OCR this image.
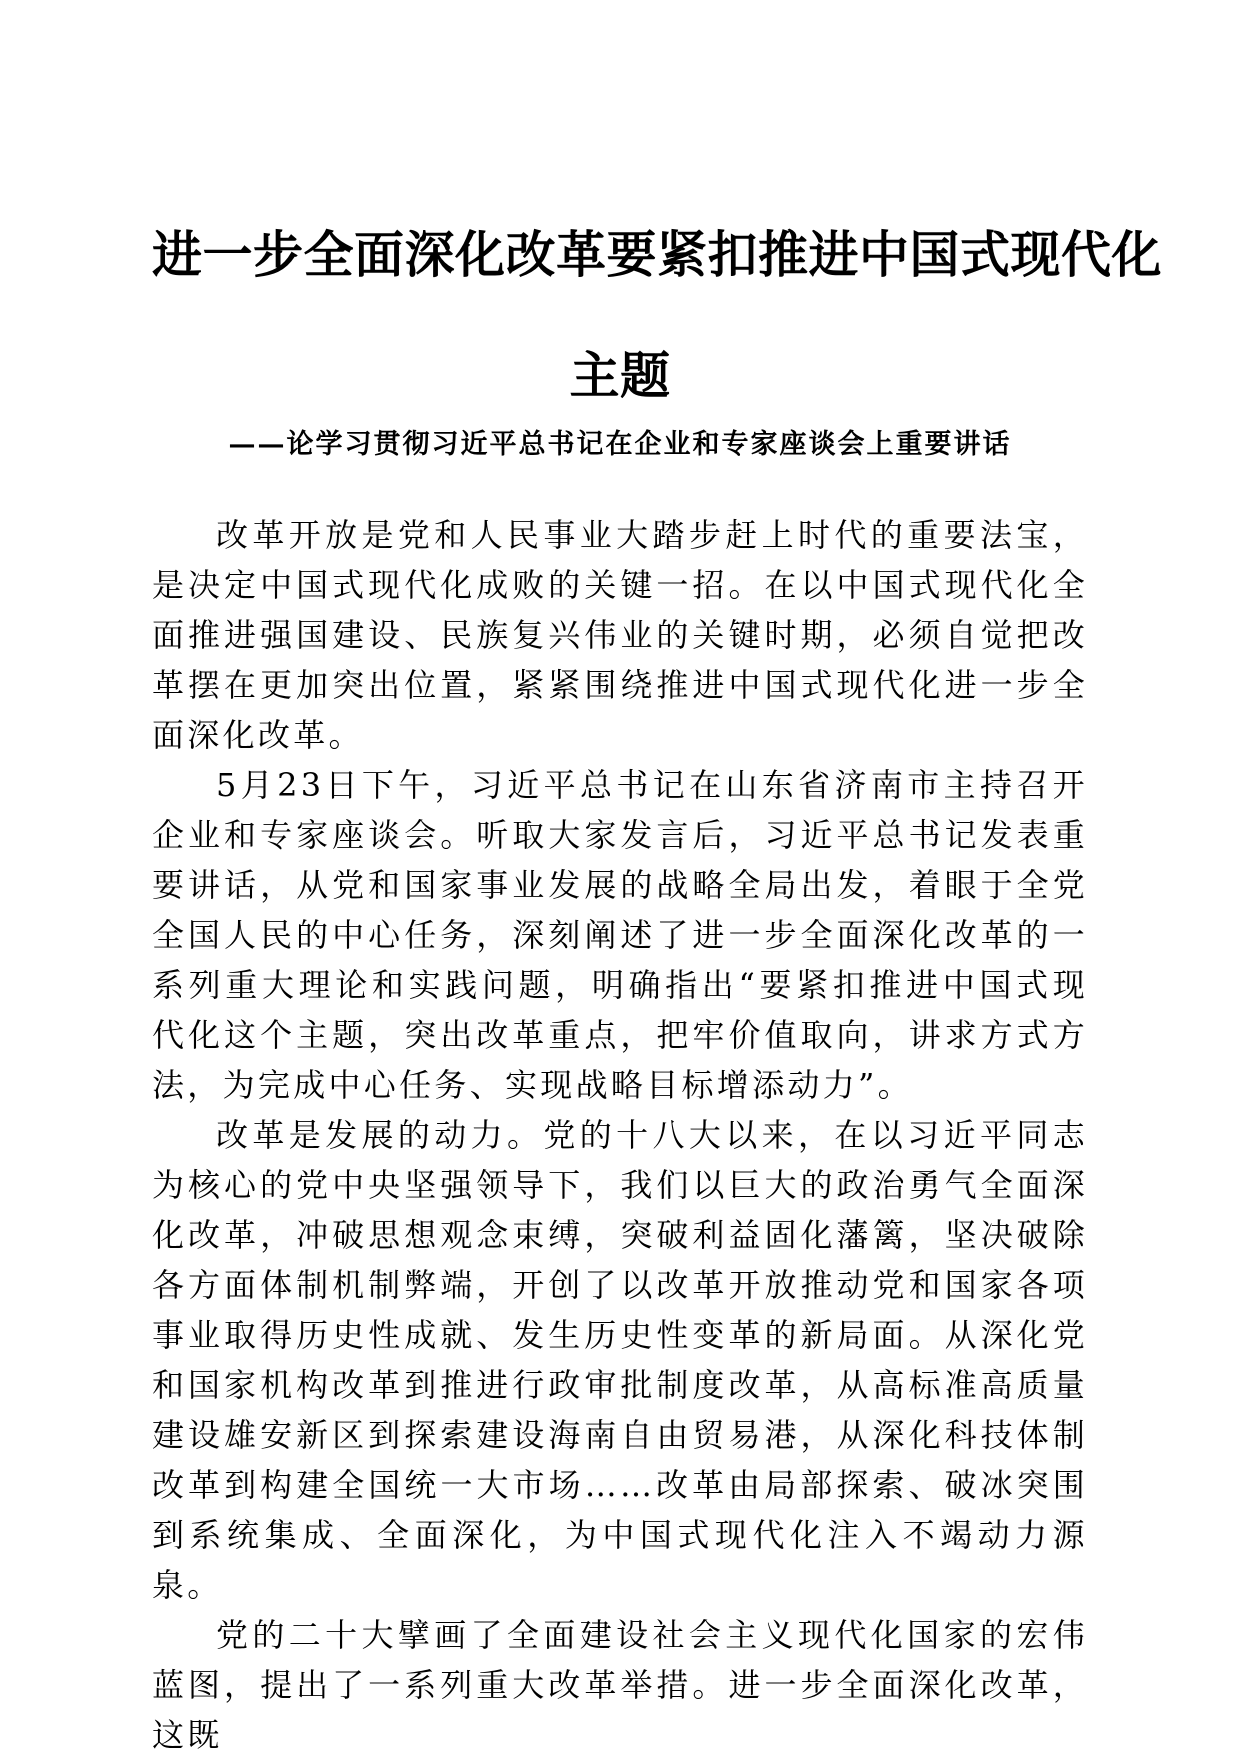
进一步全面深化改革要紧扣推进中国式现代化
主题
——论学习贯彻习近平总书记在企业和专家座谈会上重要讲话

改革开放是党和人民事业大踏步赶上时代的重要法宝，是决定中国式现代化成败的关键一招。在以中国式现代化全面推进强国建设、民族复兴伟业的关键时期，必须自觉把改革摆在更加突出位置，紧紧围绕推进中国式现代化进一步全面深化改革。

5月23日下午，习近平总书记在山东省济南市主持召开企业和专家座谈会。听取大家发言后，习近平总书记发表重要讲话，从党和国家事业发展的战略全局出发，着眼于全党全国人民的中心任务，深刻阐述了进一步全面深化改革的一系列重大理论和实践问题，明确指出“要紧扣推进中国式现代化这个主题，突出改革重点，把牢价值取向，讲求方式方法，为完成中心任务、实现战略目标增添动力”。

改革是发展的动力。党的十八大以来，在以习近平同志为核心的党中央坚强领导下，我们以巨大的政治勇气全面深化改革，冲破思想观念束缚，突破利益固化藩篱，坚决破除各方面体制机制弊端，开创了以改革开放推动党和国家各项事业取得历史性成就、发生历史性变革的新局面。从深化党和国家机构改革到推进行政审批制度改革，从高标准高质量建设雄安新区到探索建设海南自由贸易港，从深化科技体制改革到构建全国统一大市场……改革由局部探索、破冰突围到系统集成、全面深化，为中国式现代化注入不竭动力源泉。

党的二十大擘画了全面建设社会主义现代化国家的宏伟蓝图，提出了一系列重大改革举措。进一步全面深化改革，这既
